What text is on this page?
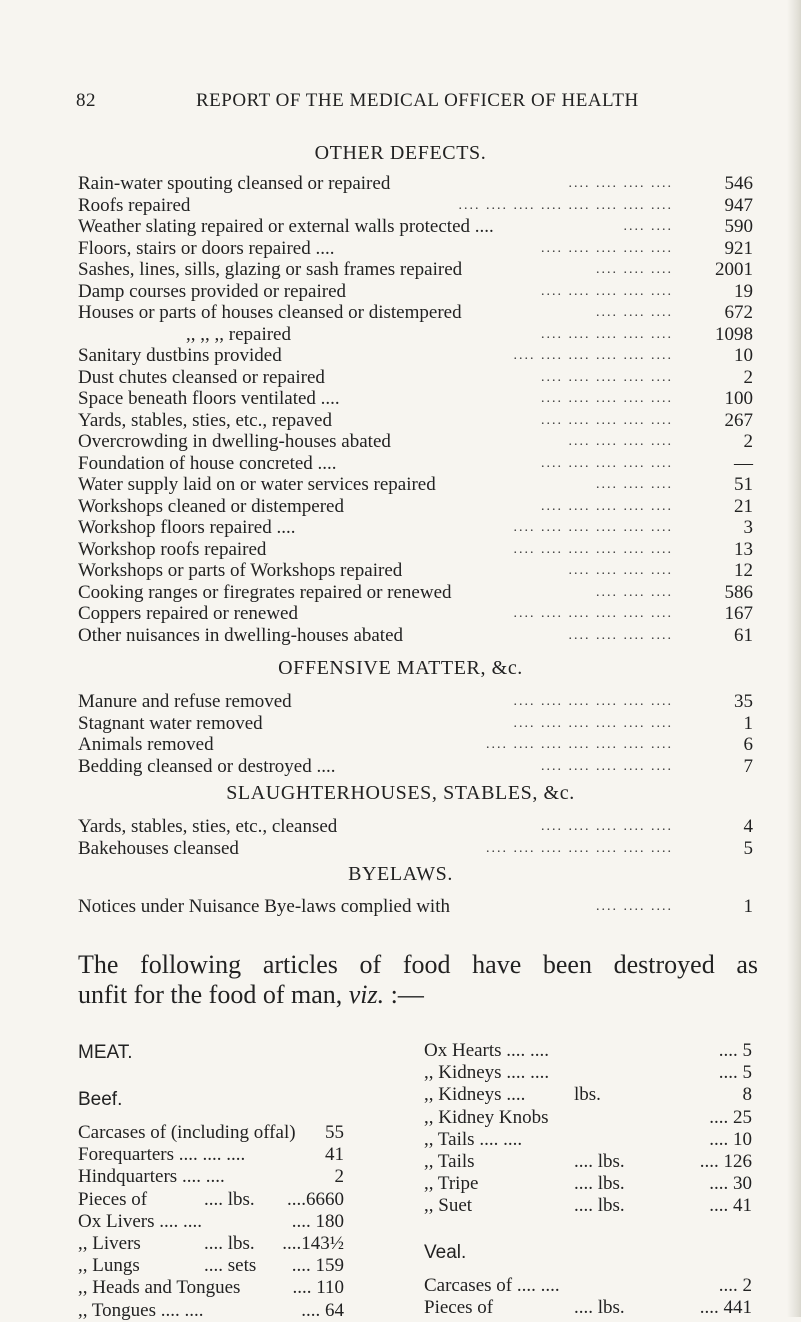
82	REPORT OF THE MEDICAL OFFICER OF HEALTH
OTHER DEFECTS.
Rain-water spouting cleansed or repaired	.... .... .... ....	546
Roofs repaired	.... .... .... .... .... .... .... ....	947
Weather slating repaired or external walls protected ....	.... ....	590
Floors, stairs or doors repaired ....	.... .... .... .... ....	921
Sashes, lines, sills, glazing or sash frames repaired	.... .... .... 2001
Damp courses provided or repaired	.... .... .... .... ....	19
Houses or parts of houses cleansed or distempered	.... .... ....	672
,, ,, ,, repaired	.... .... .... .... .... 1098
Sanitary dustbins provided	.... .... .... .... .... ....	10
Dust chutes cleansed or repaired	.... .... .... .... ....	2
Space beneath floors ventilated ....	.... .... .... .... ....	100
Yards, stables, sties, etc., repaved	.... .... .... .... ....	267
Overcrowding in dwelling-houses abated	.... .... .... ....	2
Foundation of house concreted ....	.... .... .... .... ....	—
Water supply laid on or water services repaired	.... .... ....	51
Workshops cleaned or distempered	.... .... .... .... ....	21
Workshop floors repaired ....	.... .... .... .... .... ....	3
Workshop roofs repaired	.... .... .... .... .... ....	13
Workshops or parts of Workshops repaired	.... .... .... ....	12
Cooking ranges or firegrates repaired or renewed	.... .... ....	586
Coppers repaired or renewed	.... .... .... .... .... ....	167
Other nuisances in dwelling-houses abated	.... .... .... ....	61
OFFENSIVE MATTER, &c.
Manure and refuse removed	.... .... .... .... .... ....	35
Stagnant water removed	.... .... .... .... .... ....	1
Animals removed	.... .... .... .... .... .... ....	6
Bedding cleansed or destroyed ....	.... .... .... .... ....	7
SLAUGHTERHOUSES, STABLES, &c.
Yards, stables, sties, etc., cleansed	.... .... .... .... ....	4
Bakehouses cleansed	.... .... .... .... .... .... ....	5
BYELAWS.
Notices under Nuisance Bye-laws complied with	.... .... ....	1
The following articles of food have been destroyed as
unfit for the food of man, viz. :—
MEAT.
Beef.
Carcases of (including offal) 55
Forequarters .... .... ....	41
Hindquarters .... ....	2
Pieces of	.... lbs. ....6660
Ox Livers .... ....	.... 180
,, Livers	.... lbs. ....143½
,, Lungs	.... sets .... 159
,, Heads and Tongues	.... 110
,, Tongues .... ....	.... 64
Ox Hearts .... ....	.... 5
,, Kidneys .... ....	.... 5
,, Kidneys ....	lbs.	8
,, Kidney Knobs	.... 25
,, Tails .... ....	.... 10
,, Tails	.... lbs.	.... 126
,, Tripe	.... lbs.	.... 30
,, Suet	.... lbs.	.... 41
Veal.
Carcases of .... ....	.... 2
Pieces of	.... lbs.	.... 441
